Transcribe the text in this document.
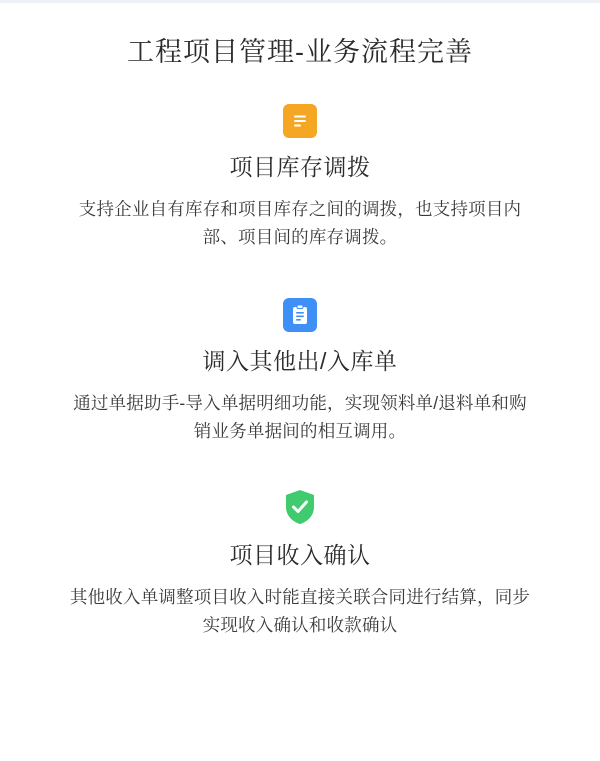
工程项目管理-业务流程完善
项目库存调拨

支持企业自有库存和项目库存之间的调拨，也支持项目内部、项目间的库存调拨。

调入其他出/入库单

通过单据助手-导入单据明细功能，实现领料单/退料单和购销业务单据间的相互调用。

项目收入确认

其他收入单调整项目收入时能直接关联合同进行结算，同步实现收入确认和收款确认
